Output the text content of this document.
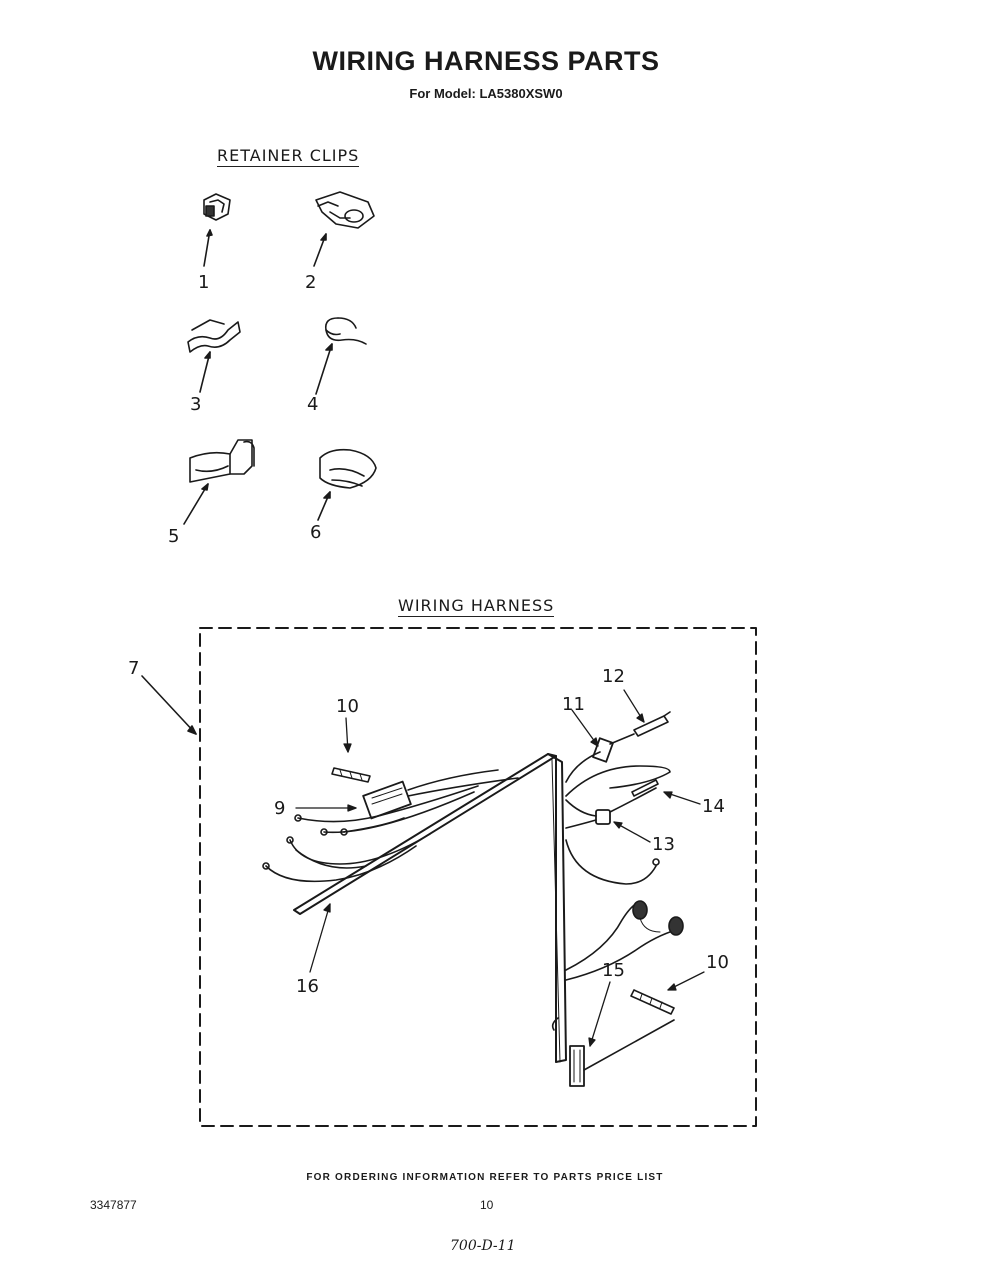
WIRING HARNESS PARTS
For Model: LA5380XSW0
RETAINER CLIPS
WIRING HARNESS
1	2
3	4
5	6
7
10
9
11
12
14
13
15	10
16
FOR ORDERING INFORMATION REFER TO PARTS PRICE LIST
3347877	10
700-D-11
